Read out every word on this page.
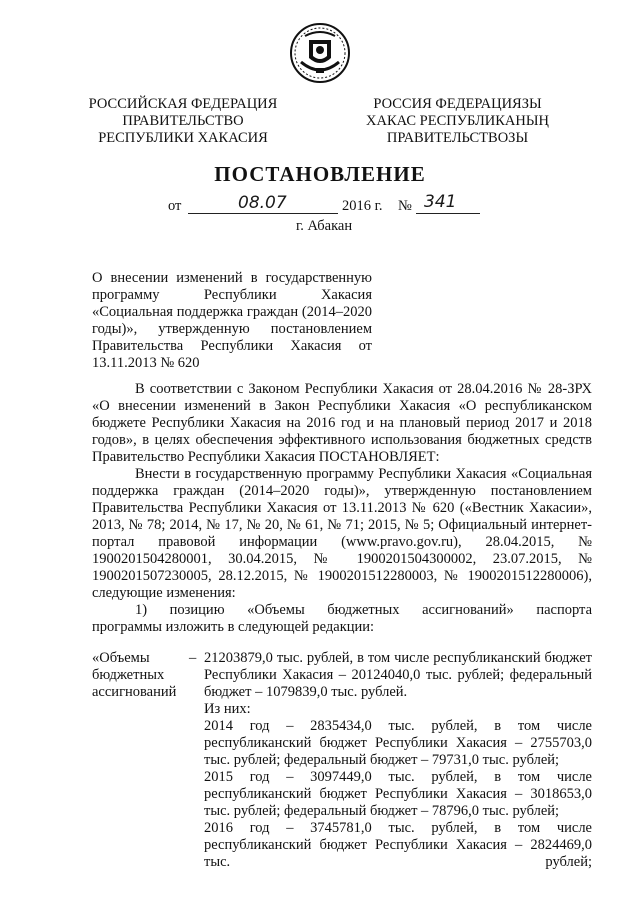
РОССИЙСКАЯ ФЕДЕРАЦИЯ
ПРАВИТЕЛЬСТВО
РЕСПУБЛИКИ ХАКАСИЯ
РОССИЯ ФЕДЕРАЦИЯЗЫ
ХАКАС РЕСПУБЛИКАНЫҢ
ПРАВИТЕЛЬСТВОЗЫ
ПОСТАНОВЛЕНИЕ
от	08.07	2016 г. № 341
г. Абакан
О внесении изменений в государственную программу Республики Хакасия «Социальная поддержка граждан (2014–2020 годы)», утвержденную постановлением Правительства Республики Хакасия от 13.11.2013 № 620

В соответствии с Законом Республики Хакасия от 28.04.2016 № 28-ЗРХ «О внесении изменений в Закон Республики Хакасия «О республиканском бюджете Республики Хакасия на 2016 год и на плановый период 2017 и 2018 годов», в целях обеспечения эффективного использования бюджетных средств Правительство Республики Хакасия ПОСТАНОВЛЯЕТ:

Внести в государственную программу Республики Хакасия «Социальная поддержка граждан (2014–2020 годы)», утвержденную постановлением Правительства Республики Хакасия от 13.11.2013 № 620 («Вестник Хакасии», 2013, № 78; 2014, № 17, № 20, № 61, № 71; 2015, № 5; Официальный интернет-портал правовой информации (www.pravo.gov.ru), 28.04.2015, № 1900201504280001, 30.04.2015, № 1900201504300002, 23.07.2015, № 1900201507230005, 28.12.2015, № 1900201512280003, № 1900201512280006), следующие изменения:

1) позицию «Объемы бюджетных ассигнований» паспорта

программы изложить в следующей редакции:

«Объемы
бюджетных
ассигнований
– 21203879,0 тыс. рублей, в том числе республиканский бюджет Республики Хакасия – 20124040,0 тыс. рублей; федеральный бюджет – 1079839,0 тыс. рублей.

Из них:

2014 год – 2835434,0 тыс. рублей, в том числе республиканский бюджет Республики Хакасия – 2755703,0 тыс. рублей; федеральный бюджет – 79731,0 тыс. рублей;

2015 год – 3097449,0 тыс. рублей, в том числе республиканский бюджет Республики Хакасия – 3018653,0 тыс. рублей; федеральный бюджет – 78796,0 тыс. рублей;

2016 год – 3745781,0 тыс. рублей, в том числе республиканский бюджет Республики Хакасия – 2824469,0 тыс. рублей;
